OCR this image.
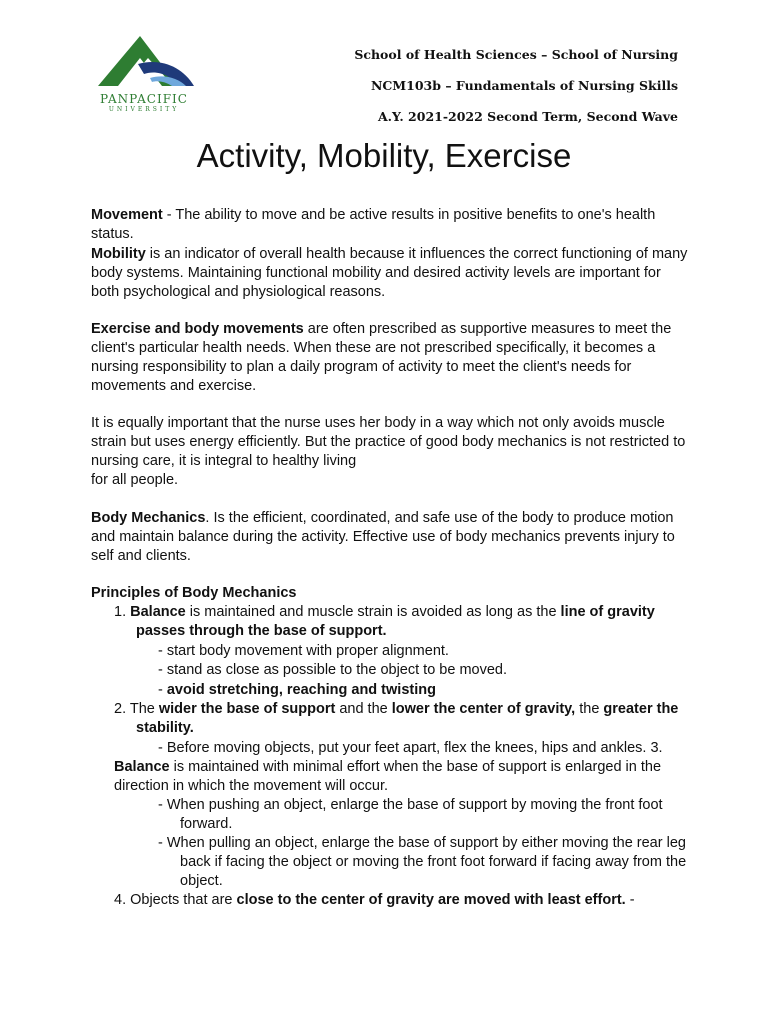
PANPACIFIC
UNIVERSITY
School of Health Sciences – School of Nursing
NCM103b – Fundamentals of Nursing Skills
A.Y. 2021-2022 Second Term, Second Wave
Activity, Mobility, Exercise
Movement - The ability to move and be active results in positive benefits to one's health status.
Mobility is an indicator of overall health because it influences the correct functioning of many body systems. Maintaining functional mobility and desired activity levels are important for both psychological and physiological reasons.
Exercise and body movements are often prescribed as supportive measures to meet the client's particular health needs. When these are not prescribed specifically, it becomes a nursing responsibility to plan a daily program of activity to meet the client's needs for movements and exercise.
It is equally important that the nurse uses her body in a way which not only avoids muscle strain but uses energy efficiently. But the practice of good body mechanics is not restricted to nursing care, it is integral to healthy living
for all people.
Body Mechanics. Is the efficient, coordinated, and safe use of the body to produce motion and maintain balance during the activity. Effective use of body mechanics prevents injury to self and clients.
Principles of Body Mechanics
1. Balance is maintained and muscle strain is avoided as long as the line of gravity
passes through the base of support.
- start body movement with proper alignment.
- stand as close as possible to the object to be moved.
- avoid stretching, reaching and twisting
2. The wider the base of support and the lower the center of gravity, the greater the
stability.
- Before moving objects, put your feet apart, flex the knees, hips and ankles. 3.
Balance is maintained with minimal effort when the base of support is enlarged in the
direction in which the movement will occur.
- When pushing an object, enlarge the base of support by moving the front foot
forward.
- When pulling an object, enlarge the base of support by either moving the rear leg
back if facing the object or moving the front foot forward if facing away from the
object.
4. Objects that are close to the center of gravity are moved with least effort. -
